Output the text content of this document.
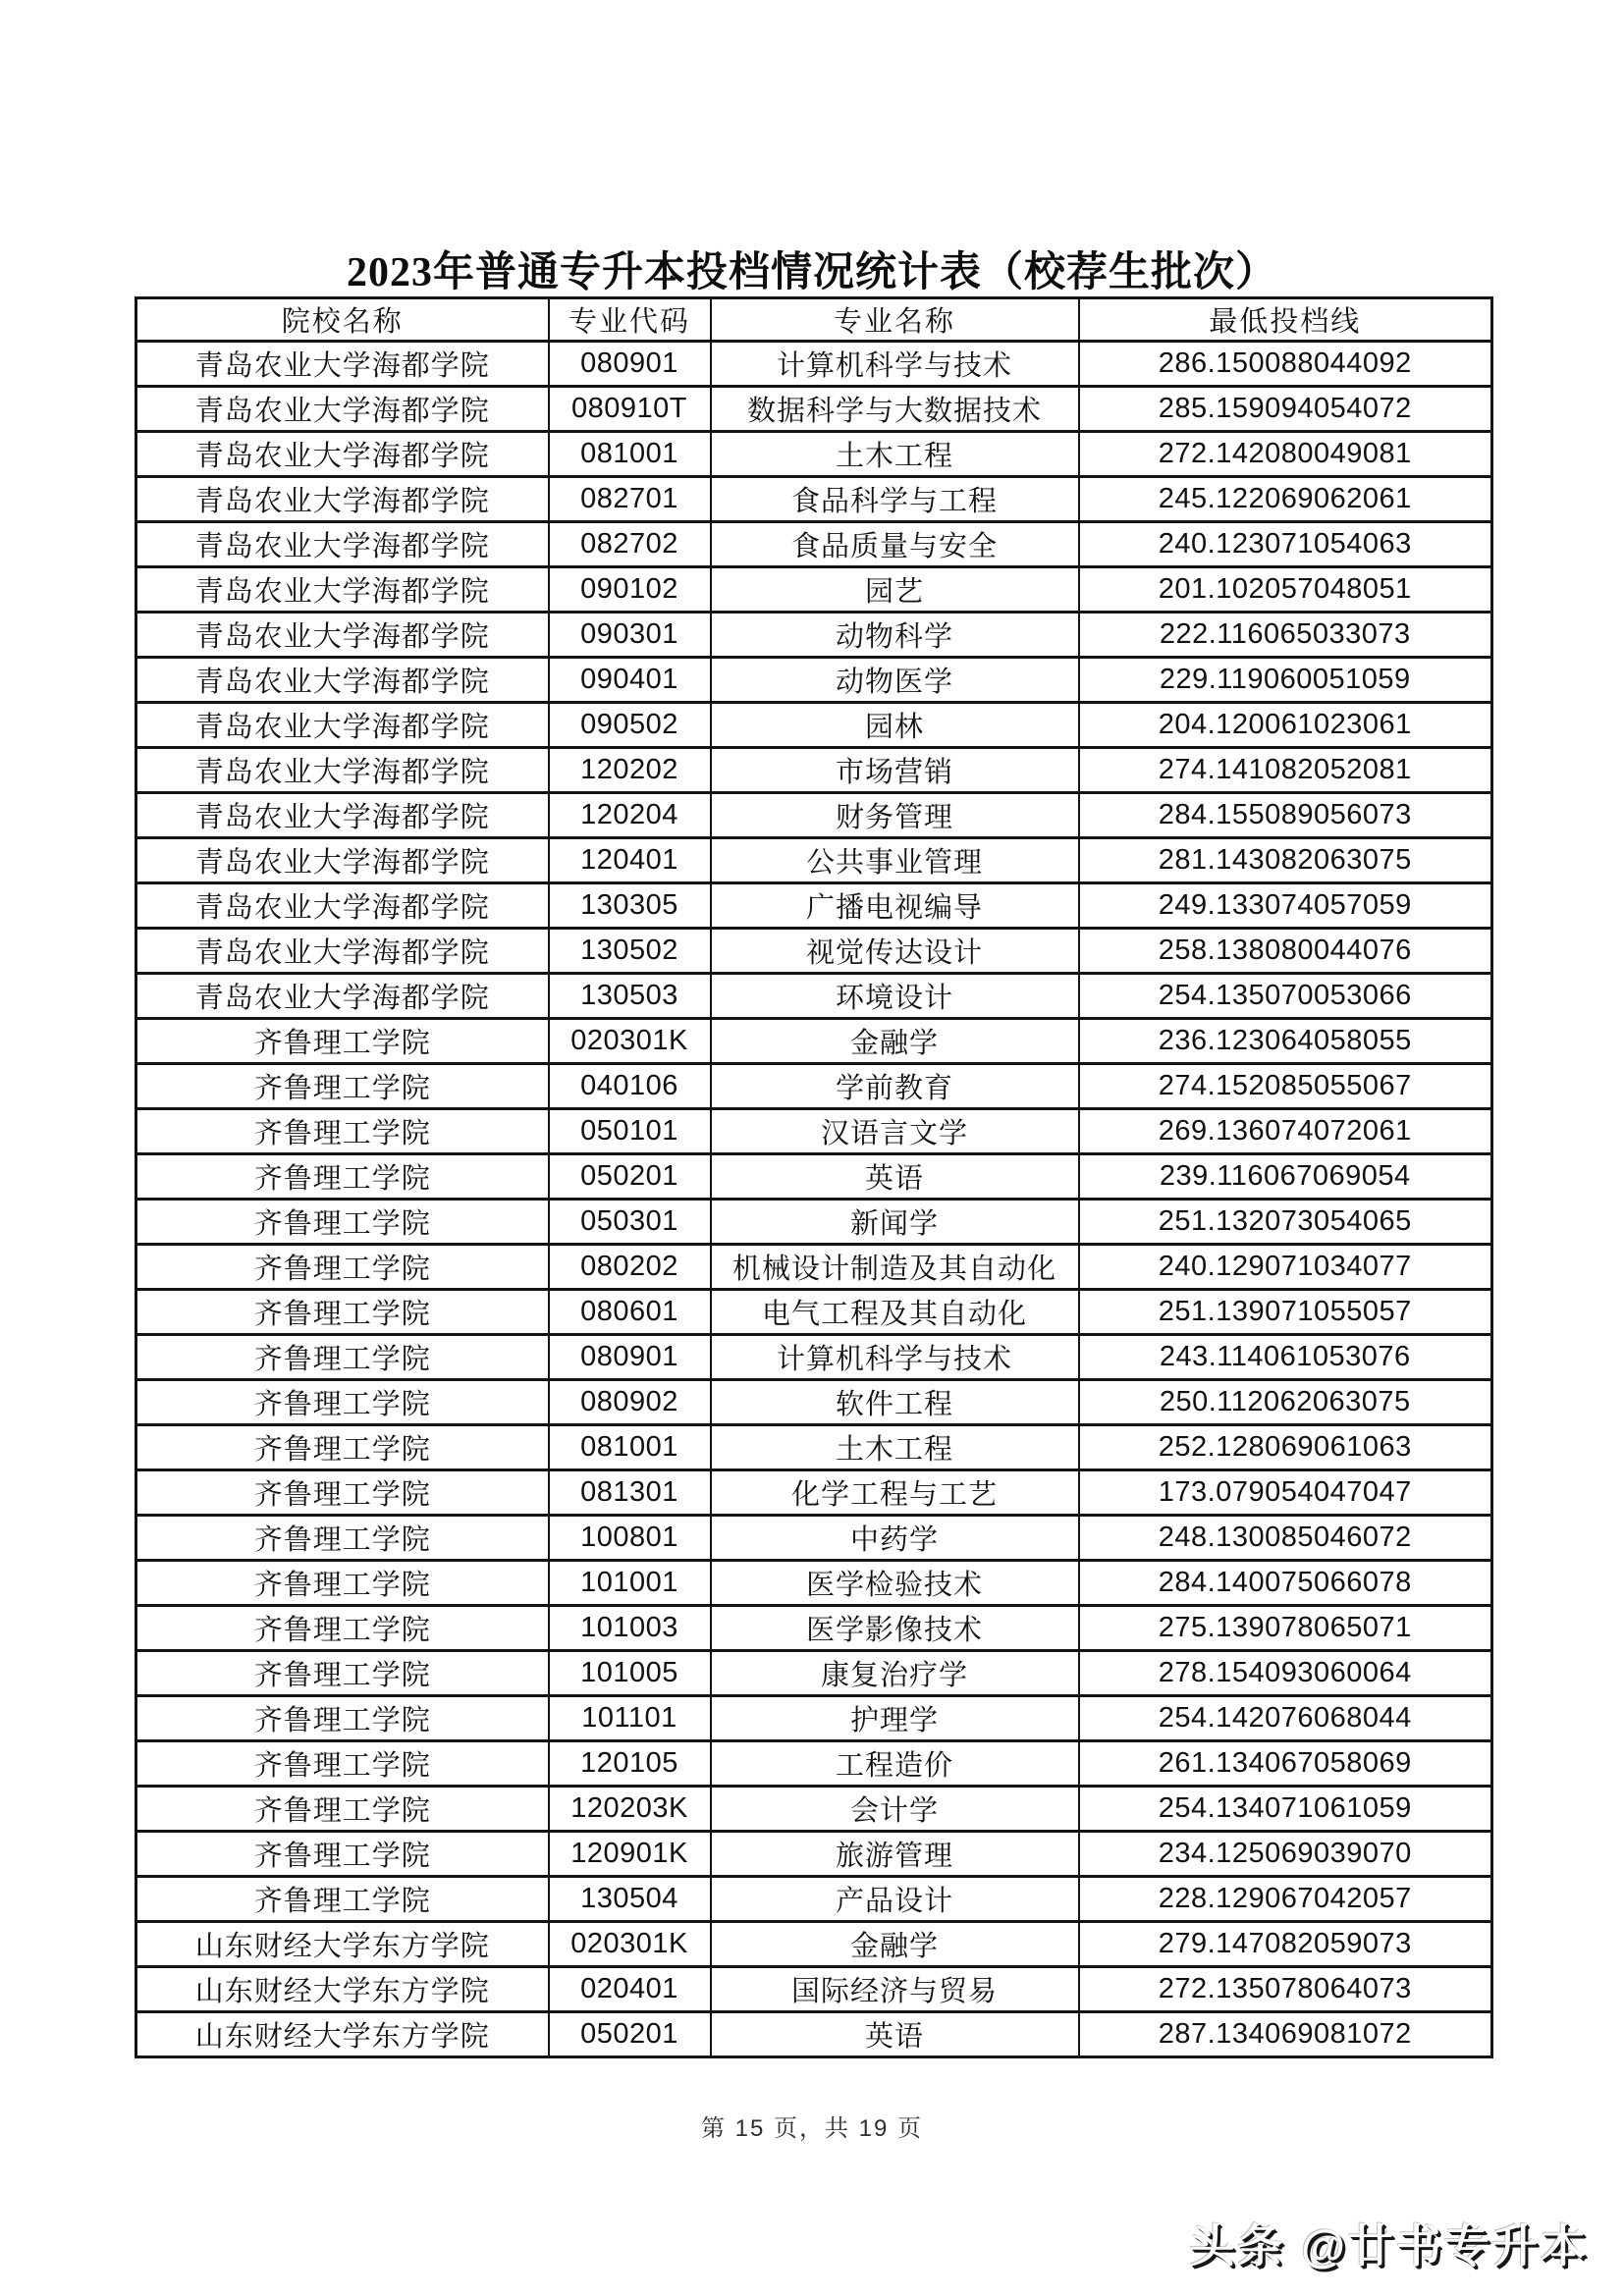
2023年普通专升本投档情况统计表（校荐生批次）
院校名称	专业代码	专业名称	最低投档线
青岛农业大学海都学院	080901	计算机科学与技术	286.150088044092
青岛农业大学海都学院	080910T	数据科学与大数据技术	285.159094054072
青岛农业大学海都学院	081001	土木工程	272.142080049081
青岛农业大学海都学院	082701	食品科学与工程	245.122069062061
青岛农业大学海都学院	082702	食品质量与安全	240.123071054063
青岛农业大学海都学院	090102	园艺	201.102057048051
青岛农业大学海都学院	090301	动物科学	222.116065033073
青岛农业大学海都学院	090401	动物医学	229.119060051059
青岛农业大学海都学院	090502	园林	204.120061023061
青岛农业大学海都学院	120202	市场营销	274.141082052081
青岛农业大学海都学院	120204	财务管理	284.155089056073
青岛农业大学海都学院	120401	公共事业管理	281.143082063075
青岛农业大学海都学院	130305	广播电视编导	249.133074057059
青岛农业大学海都学院	130502	视觉传达设计	258.138080044076
青岛农业大学海都学院	130503	环境设计	254.135070053066
齐鲁理工学院	020301K	金融学	236.123064058055
齐鲁理工学院	040106	学前教育	274.152085055067
齐鲁理工学院	050101	汉语言文学	269.136074072061
齐鲁理工学院	050201	英语	239.116067069054
齐鲁理工学院	050301	新闻学	251.132073054065
齐鲁理工学院	080202	机械设计制造及其自动化	240.129071034077
齐鲁理工学院	080601	电气工程及其自动化	251.139071055057
齐鲁理工学院	080901	计算机科学与技术	243.114061053076
齐鲁理工学院	080902	软件工程	250.112062063075
齐鲁理工学院	081001	土木工程	252.128069061063
齐鲁理工学院	081301	化学工程与工艺	173.079054047047
齐鲁理工学院	100801	中药学	248.130085046072
齐鲁理工学院	101001	医学检验技术	284.140075066078
齐鲁理工学院	101003	医学影像技术	275.139078065071
齐鲁理工学院	101005	康复治疗学	278.154093060064
齐鲁理工学院	101101	护理学	254.142076068044
齐鲁理工学院	120105	工程造价	261.134067058069
齐鲁理工学院	120203K	会计学	254.134071061059
齐鲁理工学院	120901K	旅游管理	234.125069039070
齐鲁理工学院	130504	产品设计	228.129067042057
山东财经大学东方学院	020301K	金融学	279.147082059073
山东财经大学东方学院	020401	国际经济与贸易	272.135078064073
山东财经大学东方学院	050201	英语	287.134069081072
第 15 页，共 19 页
头条 @廿书专升本
